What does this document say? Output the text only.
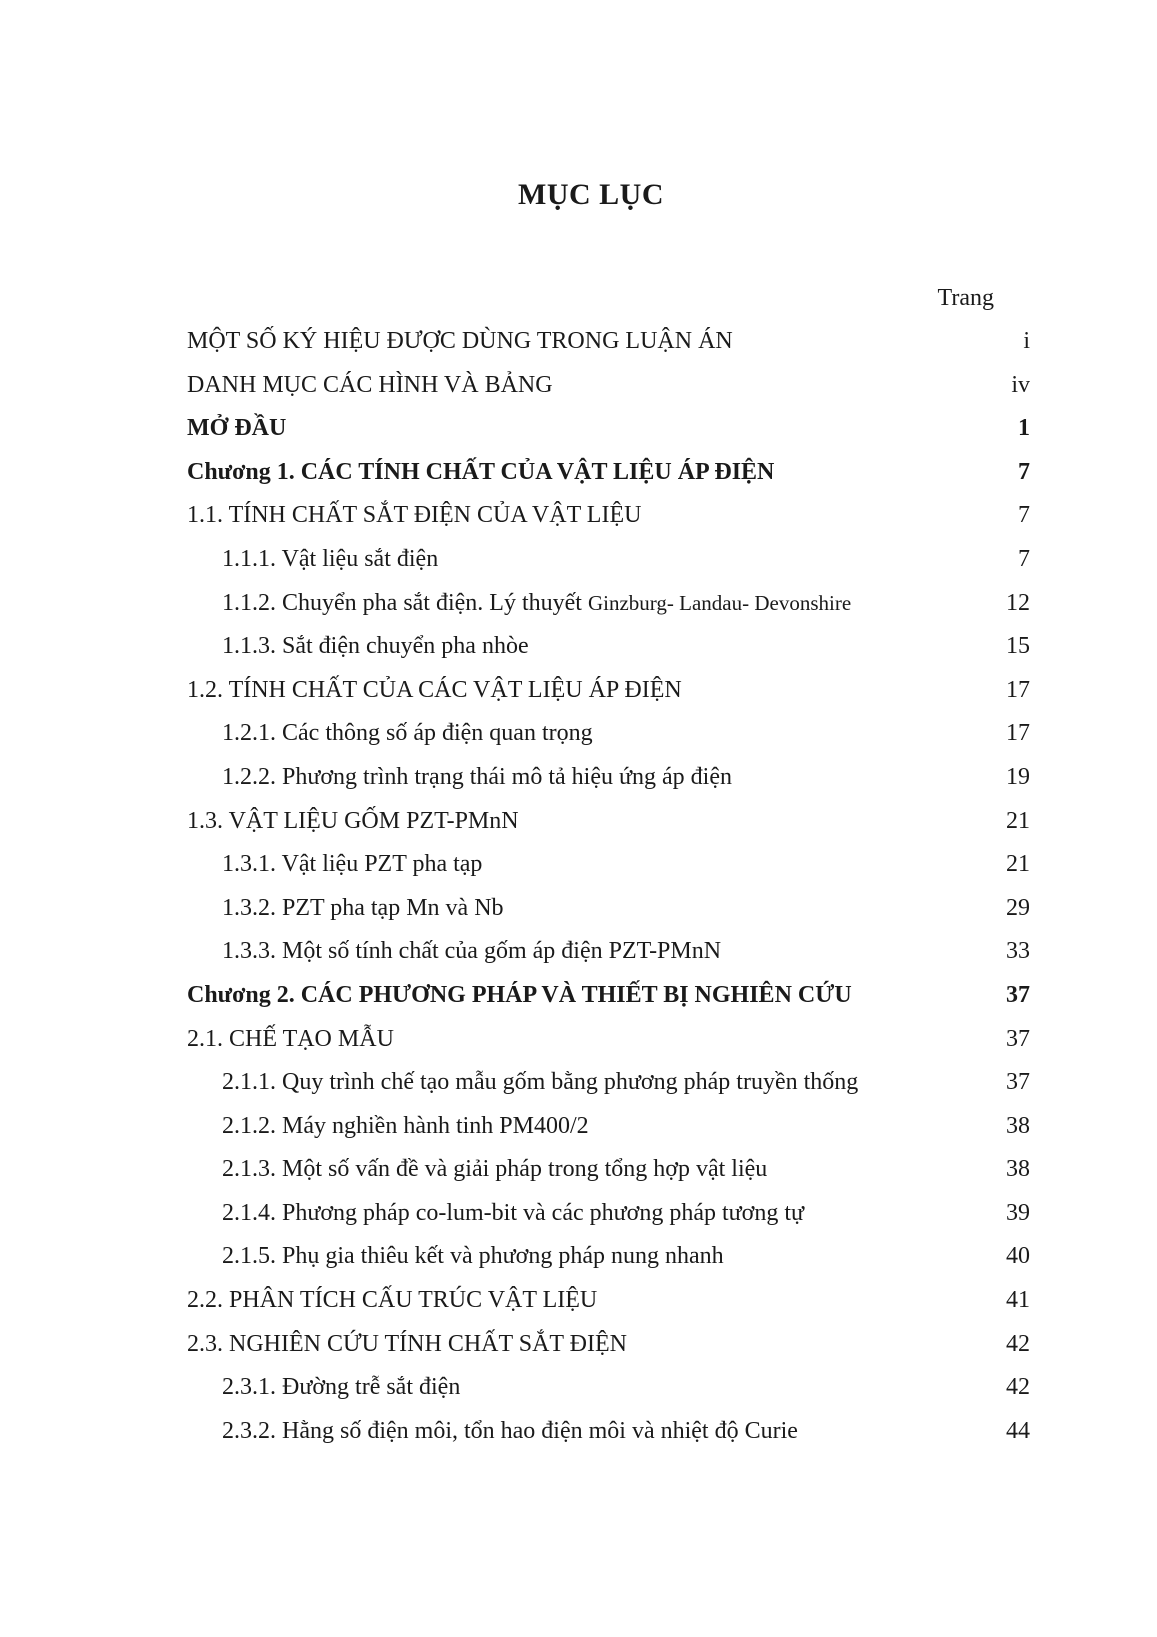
MỤC LỤC
Trang
MỘT SỐ KÝ HIỆU ĐƯỢC DÙNG TRONG LUẬN ÁN	i
DANH MỤC CÁC HÌNH VÀ BẢNG	iv
MỞ ĐẦU	1
Chương 1. CÁC TÍNH CHẤT CỦA VẬT LIỆU ÁP ĐIỆN	7
1.1. TÍNH CHẤT SẮT ĐIỆN CỦA VẬT LIỆU	7
1.1.1. Vật liệu sắt điện	7
1.1.2. Chuyển pha sắt điện. Lý thuyết Ginzburg- Landau- Devonshire	12
1.1.3. Sắt điện chuyển pha nhòe	15
1.2. TÍNH CHẤT CỦA CÁC VẬT LIỆU ÁP ĐIỆN	17
1.2.1. Các thông số áp điện quan trọng	17
1.2.2. Phương trình trạng thái mô tả hiệu ứng áp điện	19
1.3. VẬT LIỆU GỐM PZT-PMnN	21
1.3.1. Vật liệu PZT pha tạp	21
1.3.2. PZT pha tạp Mn và Nb	29
1.3.3. Một số tính chất của gốm áp điện PZT-PMnN	33
Chương 2. CÁC PHƯƠNG PHÁP VÀ THIẾT BỊ NGHIÊN CỨU	37
2.1. CHẾ TẠO MẪU	37
2.1.1. Quy trình chế tạo mẫu gốm bằng phương pháp truyền thống	37
2.1.2. Máy nghiền hành tinh PM400/2	38
2.1.3. Một số vấn đề và giải pháp trong tổng hợp vật liệu	38
2.1.4. Phương pháp co-lum-bit và các phương pháp tương tự	39
2.1.5. Phụ gia thiêu kết và phương pháp nung nhanh	40
2.2. PHÂN TÍCH CẤU TRÚC VẬT LIỆU	41
2.3. NGHIÊN CỨU TÍNH CHẤT SẮT ĐIỆN	42
2.3.1. Đường trễ sắt điện	42
2.3.2. Hằng số điện môi, tổn hao điện môi và nhiệt độ Curie	44
